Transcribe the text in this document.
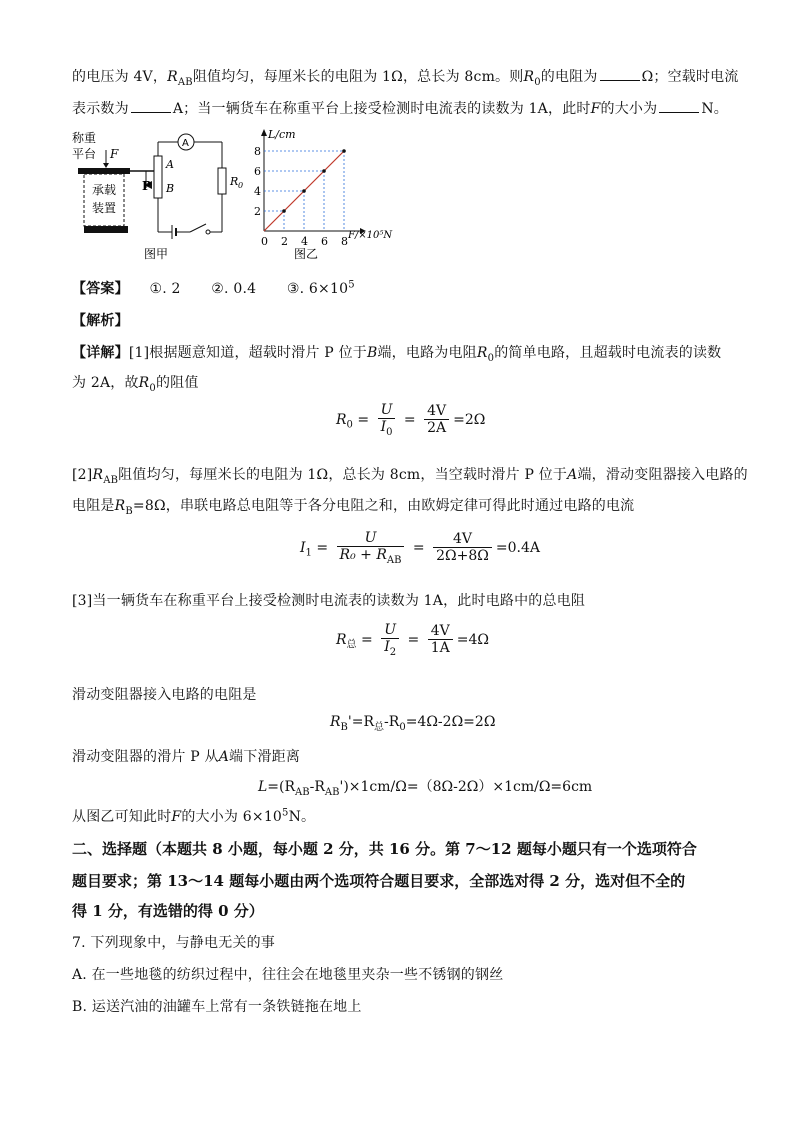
的电压为 4V，$R_{AB}$阻值均匀，每厘米长的电阻为 1Ω，总长为 8cm。则$R_0$的电阻为	Ω；空载时电流
表示数为	A；当一辆货车在称重平台上接受检测时电流表的读数为 1A，此时F的大小为	N。
称重
平台 F
承载
装置
P
A
B
A
R 0
图甲
L/cm
F/×10⁵N
0 2 4 6 8
2
4
6
8
图乙
【答案】 ①. 2 ②. 0.4 ③. $6\times 10^5$
【解析】
【详解】[1]根据题意知道，超载时滑片 P 位于B端，电路为电阻$R_0$的简单电路，且超载时电流表的读数
为 2A，故$R_0$的阻值
$R_0 = \frac{U}{I_0} = \frac{4V}{2A} =2\Omega$
$[2]R_{AB}$阻值均匀，每厘米长的电阻为 1Ω，总长为 8cm，当空载时滑片 P 位于A端，滑动变阻器接入电路的
电阻是$R_B=8\Omega$，串联电路总电阻等于各分电阻之和，由欧姆定律可得此时通过电路的电流
$I_1 = \frac{U}{R_0 + R_{AB}} = \frac{4V}{2\Omega+8\Omega} =0.4A$
[3]当一辆货车在称重平台上接受检测时电流表的读数为 1A，此时电路中的总电阻
$R_总 = \frac{U}{I_2} = \frac{4V}{1A} =4\Omega$
滑动变阻器接入电路的电阻是
$R_B'=R_总-R_0=4\Omega-2\Omega=2\Omega$
滑动变阻器的滑片 P 从A端下滑距离
$L=(R_{AB}-R_{AB}')\times 1cm/\Omega=(8\Omega-2\Omega)\times 1cm/\Omega=6cm$
从图乙可知此时F的大小为 $6\times 10^5N$。
二、选择题（本题共 8 小题，每小题 2 分，共 16 分。第 7～12 题每小题只有一个选项符合
题目要求；第 13～14 题每小题由两个选项符合题目要求，全部选对得 2 分，选对但不全的
得 1 分，有选错的得 0 分）
7. 下列现象中，与静电无关的事
A. 在一些地毯的纺织过程中，往往会在地毯里夹杂一些不锈钢的钢丝
B. 运送汽油的油罐车上常有一条铁链拖在地上
